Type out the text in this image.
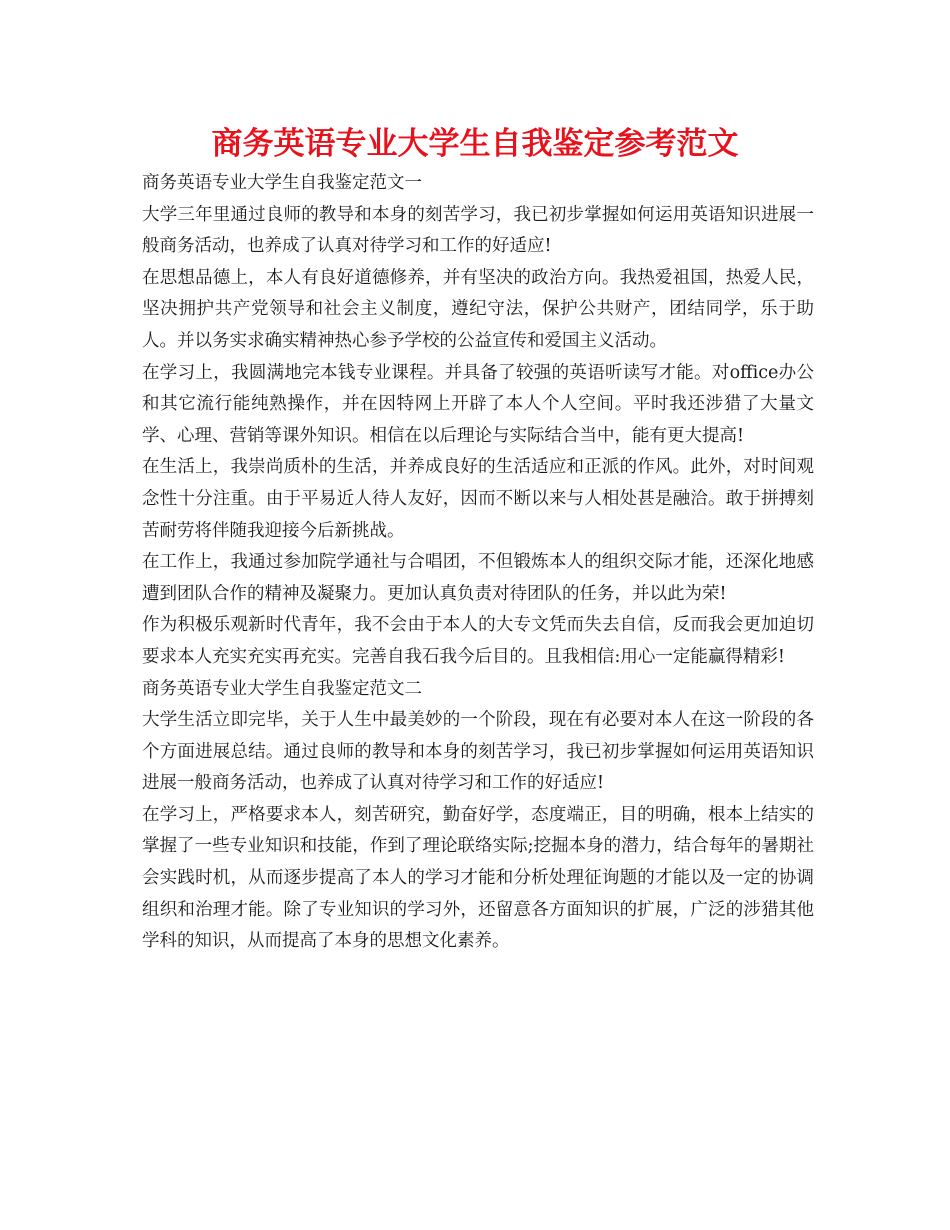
商务英语专业大学生自我鉴定参考范文

商务英语专业大学生自我鉴定范文一

大学三年里通过良师的教导和本身的刻苦学习，我已初步掌握如何运用英语知识进展一般商务活动，也养成了认真对待学习和工作的好适应!

在思想品德上，本人有良好道德修养，并有坚决的政治方向。我热爱祖国，热爱人民，坚决拥护共产党领导和社会主义制度，遵纪守法，保护公共财产，团结同学，乐于助人。并以务实求确实精神热心参予学校的公益宣传和爱国主义活动。

在学习上，我圆满地完本钱专业课程。并具备了较强的英语听读写才能。对office办公和其它流行能纯熟操作，并在因特网上开辟了本人个人空间。平时我还涉猎了大量文学、心理、营销等课外知识。相信在以后理论与实际结合当中，能有更大提高!

在生活上，我崇尚质朴的生活，并养成良好的生活适应和正派的作风。此外，对时间观念性十分注重。由于平易近人待人友好，因而不断以来与人相处甚是融洽。敢于拼搏刻苦耐劳将伴随我迎接今后新挑战。

在工作上，我通过参加院学通社与合唱团，不但锻炼本人的组织交际才能，还深化地感遭到团队合作的精神及凝聚力。更加认真负责对待团队的任务，并以此为荣!

作为积极乐观新时代青年，我不会由于本人的大专文凭而失去自信，反而我会更加迫切要求本人充实充实再充实。完善自我石我今后目的。且我相信:用心一定能赢得精彩!

商务英语专业大学生自我鉴定范文二

大学生活立即完毕，关于人生中最美妙的一个阶段，现在有必要对本人在这一阶段的各个方面进展总结。通过良师的教导和本身的刻苦学习，我已初步掌握如何运用英语知识进展一般商务活动，也养成了认真对待学习和工作的好适应!

在学习上，严格要求本人，刻苦研究，勤奋好学，态度端正，目的明确，根本上结实的掌握了一些专业知识和技能，作到了理论联络实际;挖掘本身的潜力，结合每年的暑期社会实践时机，从而逐步提高了本人的学习才能和分析处理征询题的才能以及一定的协调组织和治理才能。除了专业知识的学习外，还留意各方面知识的扩展，广泛的涉猎其他学科的知识，从而提高了本身的思想文化素养。
